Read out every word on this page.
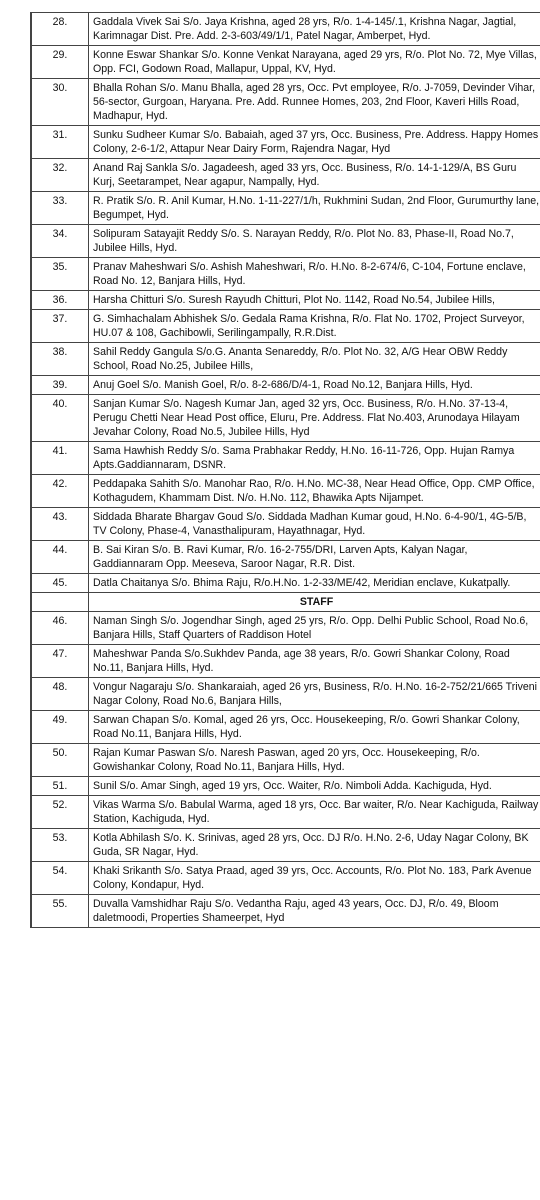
28.	Gaddala Vivek Sai S/o. Jaya Krishna, aged 28 yrs, R/o. 1-4-145/.1, Krishna Nagar, Jagtial, Karimnagar Dist. Pre. Add. 2-3-603/49/1/1, Patel Nagar, Amberpet, Hyd.
29.	Konne Eswar Shankar S/o. Konne Venkat Narayana, aged 29 yrs, R/o. Plot No. 72, Mye Villas, Opp. FCI, Godown Road, Mallapur, Uppal, KV, Hyd.
30.	Bhalla Rohan S/o. Manu Bhalla, aged 28 yrs, Occ. Pvt employee, R/o. J-7059, Devinder Vihar, 56-sector, Gurgoan, Haryana. Pre. Add. Runnee Homes, 203, 2nd Floor, Kaveri Hills Road, Madhapur, Hyd.
31.	Sunku Sudheer Kumar S/o. Babaiah, aged 37 yrs, Occ. Business, Pre. Address. Happy Homes Colony, 2-6-1/2, Attapur Near Dairy Form, Rajendra Nagar, Hyd
32.	Anand Raj Sankla S/o. Jagadeesh, aged 33 yrs, Occ. Business, R/o. 14-1-129/A, BS Guru Kurj, Seetarampet, Near agapur, Nampally, Hyd.
33.	R. Pratik S/o. R. Anil Kumar, H.No. 1-11-227/1/h, Rukhmini Sudan, 2nd Floor, Gurumurthy lane, Begumpet, Hyd.
34.	Solipuram Satayajit Reddy S/o. S. Narayan Reddy, R/o. Plot No. 83, Phase-II, Road No.7, Jubilee Hills, Hyd.
35.	Pranav Maheshwari S/o. Ashish Maheshwari, R/o. H.No. 8-2-674/6, C-104, Fortune enclave, Road No. 12, Banjara Hills, Hyd.
36.	Harsha Chitturi S/o. Suresh Rayudh Chitturi, Plot No. 1142, Road No.54, Jubilee Hills,
37.	G. Simhachalam Abhishek S/o. Gedala Rama Krishna, R/o. Flat No. 1702, Project Surveyor, HU.07 & 108, Gachibowli, Serilingampally, R.R.Dist.
38.	Sahil Reddy Gangula S/o.G. Ananta Senareddy, R/o. Plot No. 32, A/G Hear OBW Reddy School, Road No.25, Jubilee Hills,
39.	Anuj Goel S/o. Manish Goel, R/o. 8-2-686/D/4-1, Road No.12, Banjara Hills, Hyd.
40.	Sanjan Kumar S/o. Nagesh Kumar Jan, aged 32 yrs, Occ. Business, R/o. H.No. 37-13-4, Perugu Chetti Near Head Post office, Eluru, Pre. Address. Flat No.403, Arunodaya Hilayam Jevahar Colony, Road No.5, Jubilee Hills, Hyd
41.	Sama Hawhish Reddy S/o. Sama Prabhakar Reddy, H.No. 16-11-726, Opp. Hujan Ramya Apts.Gaddiannaram, DSNR.
42.	Peddapaka Sahith S/o. Manohar Rao, R/o. H.No. MC-38, Near Head Office, Opp. CMP Office, Kothagudem, Khammam Dist. N/o. H.No. 112, Bhawika Apts Nijampet.
43.	Siddada Bharate Bhargav Goud S/o. Siddada Madhan Kumar goud, H.No. 6-4-90/1, 4G-5/B, TV Colony, Phase-4, Vanasthalipuram, Hayathnagar, Hyd.
44.	B. Sai Kiran S/o. B. Ravi Kumar, R/o. 16-2-755/DRI, Larven Apts, Kalyan Nagar, Gaddiannaram Opp. Meeseva, Saroor Nagar, R.R. Dist.
45.	Datla Chaitanya S/o. Bhima Raju, R/o.H.No. 1-2-33/ME/42, Meridian enclave, Kukatpally.
	STAFF
46.	Naman Singh S/o. Jogendhar Singh, aged 25 yrs, R/o. Opp. Delhi Public School, Road No.6, Banjara Hills, Staff Quarters of Raddison Hotel
47.	Maheshwar Panda S/o.Sukhdev Panda, age 38 years, R/o. Gowri Shankar Colony, Road No.11, Banjara Hills, Hyd.
48.	Vongur Nagaraju S/o. Shankaraiah, aged 26 yrs, Business, R/o. H.No. 16-2-752/21/665 Triveni Nagar Colony, Road No.6, Banjara Hills,
49.	Sarwan Chapan S/o. Komal, aged 26 yrs, Occ. Housekeeping, R/o. Gowri Shankar Colony, Road No.11, Banjara Hills, Hyd.
50.	Rajan Kumar Paswan S/o. Naresh Paswan, aged 20 yrs, Occ. Housekeeping, R/o. Gowishankar Colony, Road No.11, Banjara Hills, Hyd.
51.	Sunil S/o. Amar Singh, aged 19 yrs, Occ. Waiter, R/o. Nimboli Adda. Kachiguda, Hyd.
52.	Vikas Warma S/o. Babulal Warma, aged 18 yrs, Occ. Bar waiter, R/o. Near Kachiguda, Railway Station, Kachiguda, Hyd.
53.	Kotla Abhilash S/o. K. Srinivas, aged 28 yrs, Occ. DJ R/o. H.No. 2-6, Uday Nagar Colony, BK Guda, SR Nagar, Hyd.
54.	Khaki Srikanth S/o. Satya Praad, aged 39 yrs, Occ. Accounts, R/o. Plot No. 183, Park Avenue Colony, Kondapur, Hyd.
55.	Duvalla Vamshidhar Raju S/o. Vedantha Raju, aged 43 years, Occ. DJ, R/o. 49, Bloom daletmoodi, Properties Shameerpet, Hyd
